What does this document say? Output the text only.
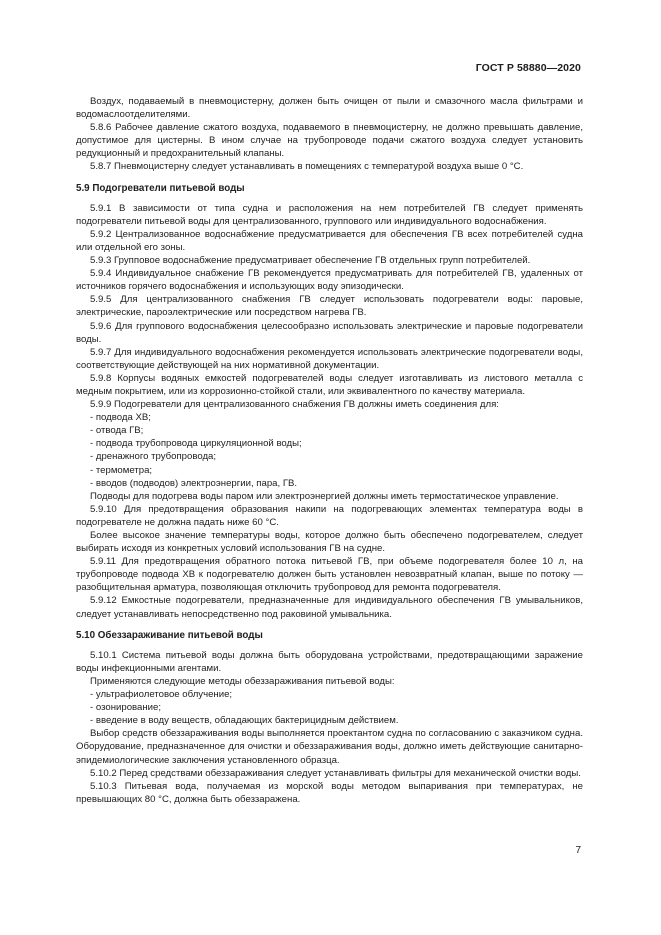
ГОСТ Р 58880—2020

Воздух, подаваемый в пневмоцистерну, должен быть очищен от пыли и смазочного масла фильтрами и водомаслоотделителями.

5.8.6 Рабочее давление сжатого воздуха, подаваемого в пневмоцистерну, не должно превышать давление, допустимое для цистерны. В ином случае на трубопроводе подачи сжатого воздуха следует установить редукционный и предохранительный клапаны.

5.8.7 Пневмоцистерну следует устанавливать в помещениях с температурой воздуха выше 0 °С.

5.9 Подогреватели питьевой воды

5.9.1 В зависимости от типа судна и расположения на нем потребителей ГВ следует применять подогреватели питьевой воды для централизованного, группового или индивидуального водоснабжения.

5.9.2 Централизованное водоснабжение предусматривается для обеспечения ГВ всех потребителей судна или отдельной его зоны.

5.9.3 Групповое водоснабжение предусматривает обеспечение ГВ отдельных групп потребителей.

5.9.4 Индивидуальное снабжение ГВ рекомендуется предусматривать для потребителей ГВ, удаленных от источников горячего водоснабжения и использующих воду эпизодически.

5.9.5 Для централизованного снабжения ГВ следует использовать подогреватели воды: паровые, электрические, пароэлектрические или посредством нагрева ГВ.

5.9.6 Для группового водоснабжения целесообразно использовать электрические и паровые подогреватели воды.

5.9.7 Для индивидуального водоснабжения рекомендуется использовать электрические подогреватели воды, соответствующие действующей на них нормативной документации.

5.9.8 Корпусы водяных емкостей подогревателей воды следует изготавливать из листового металла с медным покрытием, или из коррозионно-стойкой стали, или эквивалентного по качеству материала.

5.9.9 Подогреватели для централизованного снабжения ГВ должны иметь соединения для:

- подвода ХВ;

- отвода ГВ;

- подвода трубопровода циркуляционной воды;

- дренажного трубопровода;

- термометра;

- вводов (подводов) электроэнергии, пара, ГВ.

Подводы для подогрева воды паром или электроэнергией должны иметь термостатическое управление.

5.9.10 Для предотвращения образования накипи на подогревающих элементах температура воды в подогревателе не должна падать ниже 60 °С.

Более высокое значение температуры воды, которое должно быть обеспечено подогревателем, следует выбирать исходя из конкретных условий использования ГВ на судне.

5.9.11 Для предотвращения обратного потока питьевой ГВ, при объеме подогревателя более 10 л, на трубопроводе подвода ХВ к подогревателю должен быть установлен невозвратный клапан, выше по потоку — разобщительная арматура, позволяющая отключить трубопровод для ремонта подогревателя.

5.9.12 Емкостные подогреватели, предназначенные для индивидуального обеспечения ГВ умывальников, следует устанавливать непосредственно под раковиной умывальника.

5.10 Обеззараживание питьевой воды

5.10.1 Система питьевой воды должна быть оборудована устройствами, предотвращающими заражение воды инфекционными агентами.

Применяются следующие методы обеззараживания питьевой воды:

- ультрафиолетовое облучение;

- озонирование;

- введение в воду веществ, обладающих бактерицидным действием.

Выбор средств обеззараживания воды выполняется проектантом судна по согласованию с заказчиком судна. Оборудование, предназначенное для очистки и обеззараживания воды, должно иметь действующие санитарно-эпидемиологические заключения установленного образца.

5.10.2 Перед средствами обеззараживания следует устанавливать фильтры для механической очистки воды.

5.10.3 Питьевая вода, получаемая из морской воды методом выпаривания при температурах, не превышающих 80 °С, должна быть обеззаражена.

7
